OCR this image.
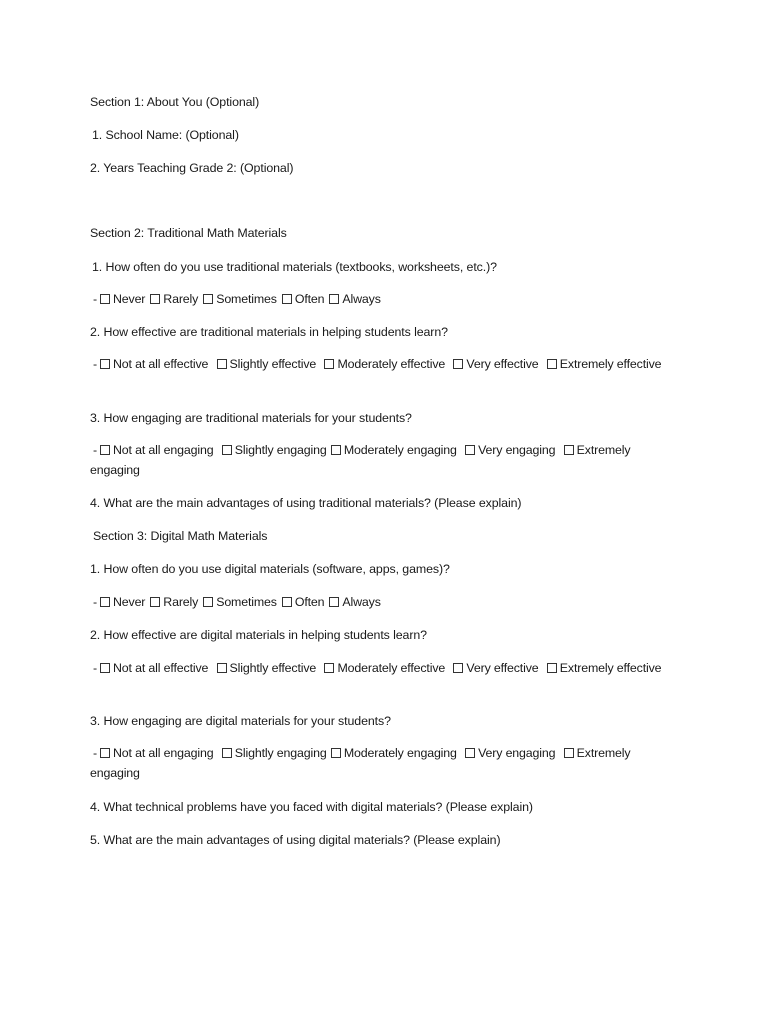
Section 1: About You (Optional)
1. School Name: (Optional)
2. Years Teaching Grade 2: (Optional)
Section 2: Traditional Math Materials
1. How often do you use traditional materials (textbooks, worksheets, etc.)?
- Never Rarely Sometimes Often Always
2. How effective are traditional materials in helping students learn?
- Not at all effective Slightly effective Moderately effective Very effective Extremely effective
3. How engaging are traditional materials for your students?
- Not at all engaging Slightly engaging Moderately engaging Very engaging Extremely engaging
4. What are the main advantages of using traditional materials? (Please explain)
Section 3: Digital Math Materials
1. How often do you use digital materials (software, apps, games)?
- Never Rarely Sometimes Often Always
2. How effective are digital materials in helping students learn?
- Not at all effective Slightly effective Moderately effective Very effective Extremely effective
3. How engaging are digital materials for your students?
- Not at all engaging Slightly engaging Moderately engaging Very engaging Extremely engaging
4. What technical problems have you faced with digital materials? (Please explain)
5. What are the main advantages of using digital materials? (Please explain)
